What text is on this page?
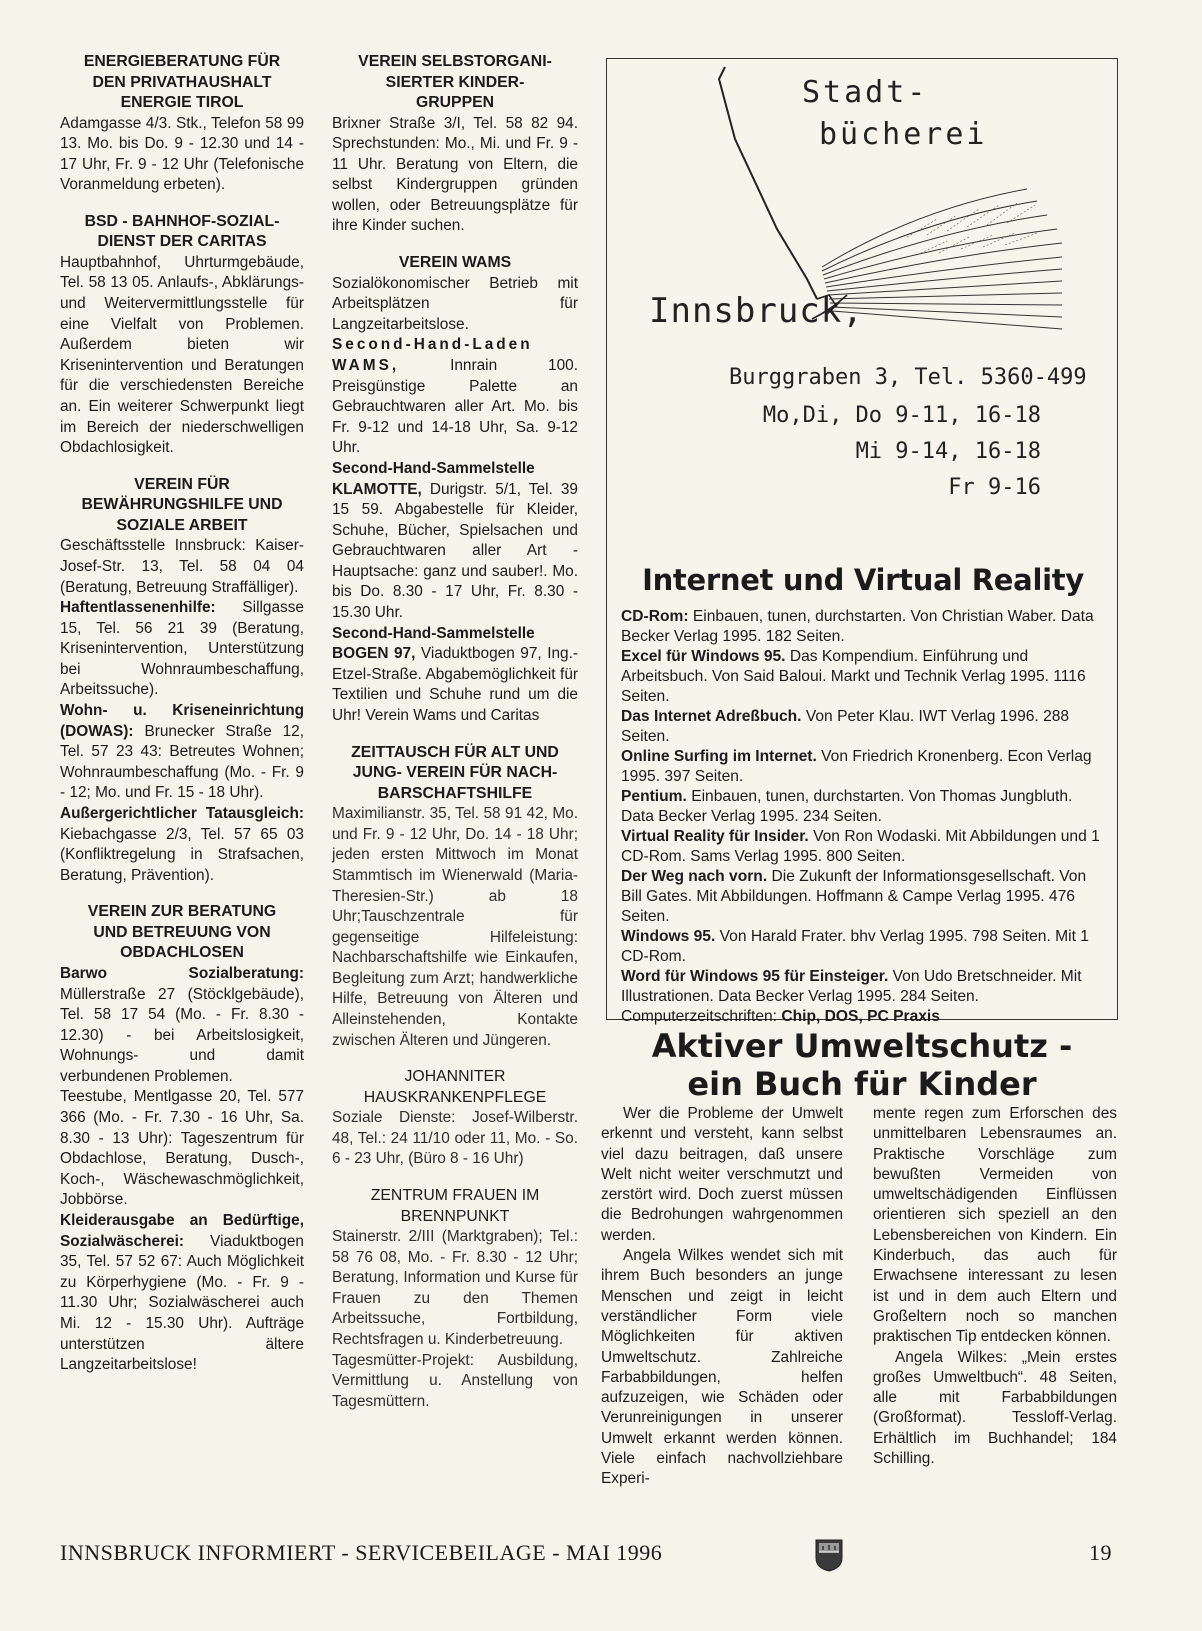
ENERGIEBERATUNG FÜR
DEN PRIVATHAUSHALT
ENERGIE TIROL

Adamgasse 4/3. Stk., Telefon 58 99 13. Mo. bis Do. 9 - 12.30 und 14 - 17 Uhr, Fr. 9 - 12 Uhr (Telefonische Voranmeldung erbeten).

BSD - BAHNHOF-SOZIAL-
DIENST DER CARITAS

Hauptbahnhof, Uhrturmgebäude, Tel. 58 13 05. Anlaufs-, Abklärungs- und Weitervermittlungsstelle für eine Vielfalt von Problemen. Außerdem bieten wir Krisenintervention und Beratungen für die verschiedensten Bereiche an. Ein weiterer Schwerpunkt liegt im Bereich der niederschwelligen Obdachlosigkeit.

VEREIN FÜR
BEWÄHRUNGSHILFE UND
SOZIALE ARBEIT

Geschäftsstelle Innsbruck: Kaiser-Josef-Str. 13, Tel. 58 04 04 (Beratung, Betreuung Straffälliger).

Haftentlassenenhilfe: Sillgasse 15, Tel. 56 21 39 (Beratung, Krisenintervention, Unterstützung bei Wohnraumbeschaffung, Arbeitssuche).

Wohn- u. Kriseneinrichtung (DOWAS): Brunecker Straße 12, Tel. 57 23 43: Betreutes Wohnen; Wohnraumbeschaffung (Mo. - Fr. 9 - 12; Mo. und Fr. 15 - 18 Uhr).

Außergerichtlicher Tatausgleich: Kiebachgasse 2/3, Tel. 57 65 03 (Konfliktregelung in Strafsachen, Beratung, Prävention).

VEREIN ZUR BERATUNG
UND BETREUUNG VON
OBDACHLOSEN

Barwo Sozialberatung: Müllerstraße 27 (Stöcklgebäude), Tel. 58 17 54 (Mo. - Fr. 8.30 - 12.30) - bei Arbeitslosigkeit, Wohnungs- und damit verbundenen Problemen.

Teestube, Mentlgasse 20, Tel. 577 366 (Mo. - Fr. 7.30 - 16 Uhr, Sa. 8.30 - 13 Uhr): Tageszentrum für Obdachlose, Beratung, Dusch-, Koch-, Wäschewaschmöglichkeit, Jobbörse.

Kleiderausgabe an Bedürftige, Sozialwäscherei: Viaduktbogen 35, Tel. 57 52 67: Auch Möglichkeit zu Körperhygiene (Mo. - Fr. 9 - 11.30 Uhr; Sozialwäscherei auch Mi. 12 - 15.30 Uhr). Aufträge unterstützen ältere Langzeitarbeitslose!

VEREIN SELBSTORGANI-
SIERTER KINDER-
GRUPPEN

Brixner Straße 3/I, Tel. 58 82 94. Sprechstunden: Mo., Mi. und Fr. 9 - 11 Uhr. Beratung von Eltern, die selbst Kindergruppen gründen wollen, oder Betreuungsplätze für ihre Kinder suchen.

VEREIN WAMS

Sozialökonomischer Betrieb mit Arbeitsplätzen für Langzeitarbeitslose.

Second-Hand-Laden WAMS, Innrain 100. Preisgünstige Palette an Gebrauchtwaren aller Art. Mo. bis Fr. 9-12 und 14-18 Uhr, Sa. 9-12 Uhr.

Second-Hand-Sammelstelle KLAMOTTE, Durigstr. 5/1, Tel. 39 15 59. Abgabestelle für Kleider, Schuhe, Bücher, Spielsachen und Gebrauchtwaren aller Art - Hauptsache: ganz und sauber!. Mo. bis Do. 8.30 - 17 Uhr, Fr. 8.30 - 15.30 Uhr.

Second-Hand-Sammelstelle BOGEN 97, Viaduktbogen 97, Ing.-Etzel-Straße. Abgabemöglichkeit für Textilien und Schuhe rund um die Uhr! Verein Wams und Caritas

ZEITTAUSCH FÜR ALT UND
JUNG- VEREIN FÜR NACH-
BARSCHAFTSHILFE

Maximilianstr. 35, Tel. 58 91 42, Mo. und Fr. 9 - 12 Uhr, Do. 14 - 18 Uhr; jeden ersten Mittwoch im Monat Stammtisch im Wienerwald (Maria-Theresien-Str.) ab 18 Uhr;Tauschzentrale für gegenseitige Hilfeleistung: Nachbarschaftshilfe wie Einkaufen, Begleitung zum Arzt; handwerkliche Hilfe, Betreuung von Älteren und Alleinstehenden, Kontakte zwischen Älteren und Jüngeren.

JOHANNITER
HAUSKRANKENPFLEGE

Soziale Dienste: Josef-Wilberstr. 48, Tel.: 24 11/10 oder 11, Mo. - So. 6 - 23 Uhr, (Büro 8 - 16 Uhr)

ZENTRUM FRAUEN IM
BRENNPUNKT

Stainerstr. 2/III (Marktgraben); Tel.: 58 76 08, Mo. - Fr. 8.30 - 12 Uhr; Beratung, Information und Kurse für Frauen zu den Themen Arbeitssuche, Fortbildung, Rechtsfragen u. Kinderbetreuung.

Tagesmütter-Projekt: Ausbildung, Vermittlung u. Anstellung von Tagesmüttern.

Stadt-
bücherei
Innsbruck,
Burggraben 3, Tel. 5360-499
Mo,Di, Do 9-11, 16-18
Mi 9-14, 16-18
Fr 9-16
Internet und Virtual Reality

CD-Rom: Einbauen, tunen, durchstarten. Von Christian Waber. Data Becker Verlag 1995. 182 Seiten.

Excel für Windows 95. Das Kompendium. Einführung und Arbeitsbuch. Von Said Baloui. Markt und Technik Verlag 1995. 1116 Seiten.

Das Internet Adreßbuch. Von Peter Klau. IWT Verlag 1996. 288 Seiten.

Online Surfing im Internet. Von Friedrich Kronenberg. Econ Verlag 1995. 397 Seiten.

Pentium. Einbauen, tunen, durchstarten. Von Thomas Jungbluth. Data Becker Verlag 1995. 234 Seiten.

Virtual Reality für Insider. Von Ron Wodaski. Mit Abbildungen und 1 CD-Rom. Sams Verlag 1995. 800 Seiten.

Der Weg nach vorn. Die Zukunft der Informationsgesellschaft. Von Bill Gates. Mit Abbildungen. Hoffmann & Campe Verlag 1995. 476 Seiten.

Windows 95. Von Harald Frater. bhv Verlag 1995. 798 Seiten. Mit 1 CD-Rom.

Word für Windows 95 für Einsteiger. Von Udo Bretschneider. Mit Illustrationen. Data Becker Verlag 1995. 284 Seiten.

Computerzeitschriften: Chip, DOS, PC Praxis

Aktiver Umweltschutz -
ein Buch für Kinder

Wer die Probleme der Umwelt erkennt und versteht, kann selbst viel dazu beitragen, daß unsere Welt nicht weiter verschmutzt und zerstört wird. Doch zuerst müssen die Bedrohungen wahrgenommen werden.

Angela Wilkes wendet sich mit ihrem Buch besonders an junge Menschen und zeigt in leicht verständlicher Form viele Möglichkeiten für aktiven Umweltschutz. Zahlreiche Farbabbildungen, helfen aufzuzeigen, wie Schäden oder Verunreinigungen in unserer Umwelt erkannt werden können. Viele einfach nachvollziehbare Experi-

mente regen zum Erforschen des unmittelbaren Lebensraumes an. Praktische Vorschläge zum bewußten Vermeiden von umweltschädigenden Einflüssen orientieren sich speziell an den Lebensbereichen von Kindern. Ein Kinderbuch, das auch für Erwachsene interessant zu lesen ist und in dem auch Eltern und Großeltern noch so manchen praktischen Tip entdecken können.

Angela Wilkes: „Mein erstes großes Umweltbuch“. 48 Seiten, alle mit Farbabbildungen (Großformat). Tessloff-Verlag. Erhältlich im Buchhandel; 184 Schilling.

INNSBRUCK INFORMIERT - SERVICEBEILAGE - MAI 1996	19
